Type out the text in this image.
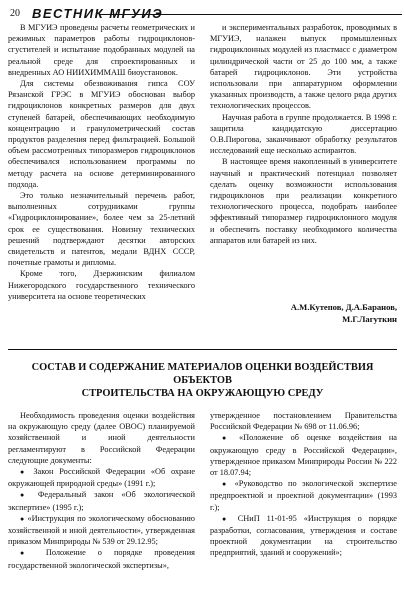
20 ВЕСТНИК МГУИЭ

В МГУИЭ проведены расчеты геометрических и режимных параметров работы гидроциклонов-сгустителей и испытание подобранных модулей на реальной среде для спроектированных и внедренных АО НИИХИММАШ биоустановок.

Для системы обезвоживания гипса СОУ Рязанской ГРЭС в МГУИЭ обоснован выбор гидроциклонов конкретных размеров для двух ступеней батарей, обеспечивающих необходимую концентрацию и гранулометрический состав продуктов разделения перед фильтрацией. Большой объем рассмотренных типоразмеров гидроциклонов обеспечивался использованием программы по методу расчета на основе детерминированного подхода.

Это только незначительный перечень работ, выполненных сотрудниками группы «Гидроциклонирование», более чем за 25-летний срок ее существования. Новизну технических решений подтверждают десятки авторских свидетельств и патентов, медали ВДНХ СССР, почетные грамоты и дипломы.

Кроме того, Дзержинским филиалом Нижегородского государственного технического университета на основе теоретических

и экспериментальных разработок, проводимых в МГУИЭ, налажен выпуск промышленных гидроциклонных модулей из пластмасс с диаметром цилиндрической части от 25 до 100 мм, а также батарей гидроциклонов. Эти устройства использовали при аппаратурном оформлении указанных производств, а также целого ряда других технологических процессов.

Научная работа в группе продолжается. В 1998 г. защитила кандидатскую диссертацию О.В.Пирогова, заканчивают обработку результатов исследований еще несколько аспирантов.

В настоящее время накопленный в университете научный и практический потенциал позволяет сделать оценку возможности использования гидроциклонов при реализации конкретного технологического процесса, подобрать наиболее эффективный типоразмер гидроциклонного модуля и обеспечить поставку необходимого количества аппаратов или батарей из них.

А.М.Кутепов, Д.А.Баранов,
М.Г.Лагуткин
СОСТАВ И СОДЕРЖАНИЕ МАТЕРИАЛОВ ОЦЕНКИ ВОЗДЕЙСТВИЯ ОБЪЕКТОВ
СТРОИТЕЛЬСТВА НА ОКРУЖАЮЩУЮ СРЕДУ

Необходимость проведения оценки воздействия на окружающую среду (далее ОВОС) планируемой хозяйственной и иной деятельности регламентируют в Российской Федерации следующие документы:

● Закон Российской Федерации «Об охране окружающей природной среды» (1991 г.);

● Федеральный закон «Об экологической экспертизе» (1995 г.);

● «Инструкция по экологическому обоснованию хозяйственной и иной деятельности», утвержденная приказом Минприроды № 539 от 29.12.95;

● Положение о порядке проведения государственной экологической экспертизы»,

утвержденное постановлением Правительства Российской Федерации № 698 от 11.06.96;

● «Положение об оценке воздействия на окружающую среду в Российской Федерации», утвержденное приказом Минприроды России № 222 от 18.07.94;

● «Руководство по экологической экспертизе предпроектной и проектной документации» (1993 г.);

● СНиП 11-01-95 «Инструкция о порядке разработки, согласования, утверждения и составе проектной документации на строительство предприятий, зданий и сооружений»;
